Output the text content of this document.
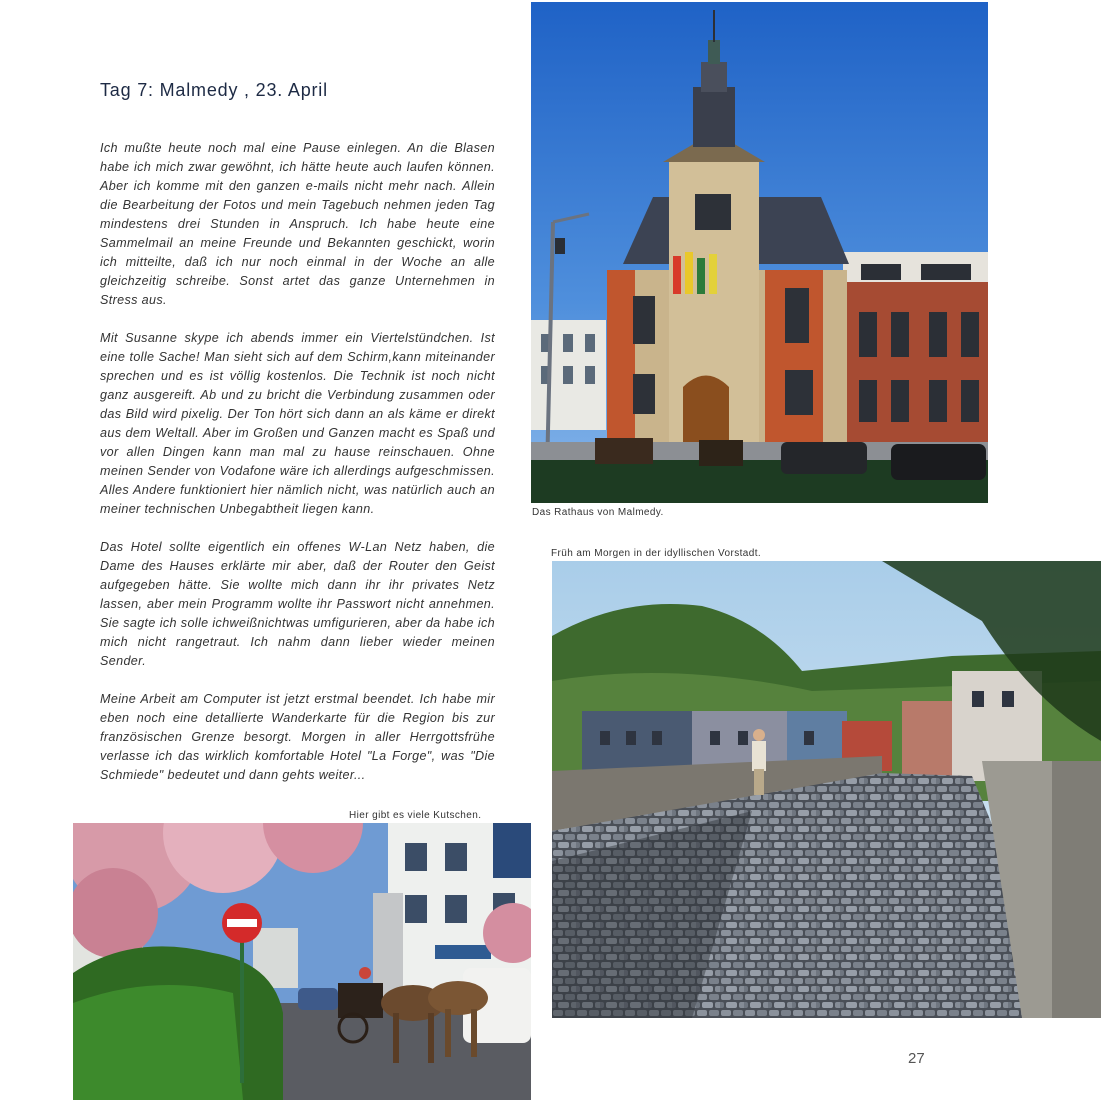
Tag 7: Malmedy , 23. April

Ich mußte heute noch mal eine Pause einlegen. An die Blasen habe ich mich zwar gewöhnt, ich hätte heute auch laufen können. Aber ich komme mit den ganzen e-mails nicht mehr nach. Allein die Bearbeitung der Fotos und mein Tagebuch nehmen jeden Tag mindestens drei Stunden in Anspruch. Ich habe heute eine Sammelmail an meine Freunde und Bekannten geschickt, worin ich mitteilte, daß ich nur noch einmal in der Woche an alle gleichzeitig schreibe. Sonst artet das ganze Unternehmen in Stress aus.

Mit Susanne skype ich abends immer ein Viertelstündchen. Ist eine tolle Sache! Man sieht sich auf dem Schirm,kann miteinander sprechen und es ist völlig kostenlos. Die Technik ist noch nicht ganz ausgereift. Ab und zu bricht die Verbindung zusammen oder das Bild wird pixelig. Der Ton hört sich dann an als käme er direkt aus dem Weltall. Aber im Großen und Ganzen macht es Spaß und vor allen Dingen kann man mal zu hause reinschauen. Ohne meinen Sender von Vodafone wäre ich allerdings aufgeschmissen. Alles Andere funktioniert hier nämlich nicht, was natürlich auch an meiner technischen Unbegabtheit liegen kann.

Das Hotel sollte eigentlich ein offenes W-Lan Netz haben, die Dame des Hauses erklärte mir aber, daß der Router den Geist aufgegeben hätte. Sie wollte mich dann ihr ihr privates Netz lassen, aber mein Programm wollte ihr Passwort nicht annehmen. Sie sagte ich solle ichweißnichtwas umfigurieren, aber da habe ich mich nicht rangetraut. Ich nahm dann lieber wieder meinen Sender.

Meine Arbeit am Computer ist jetzt erstmal beendet. Ich habe mir eben noch eine detallierte Wanderkarte für die Region bis zur französischen Grenze besorgt. Morgen in aller Herrgottsfrühe verlasse ich das wirklich komfortable Hotel "La Forge", was "Die Schmiede" bedeutet und dann gehts weiter...

Das Rathaus von Malmedy.
Früh am Morgen in der idyllischen Vorstadt.
Hier gibt es viele Kutschen.
27
